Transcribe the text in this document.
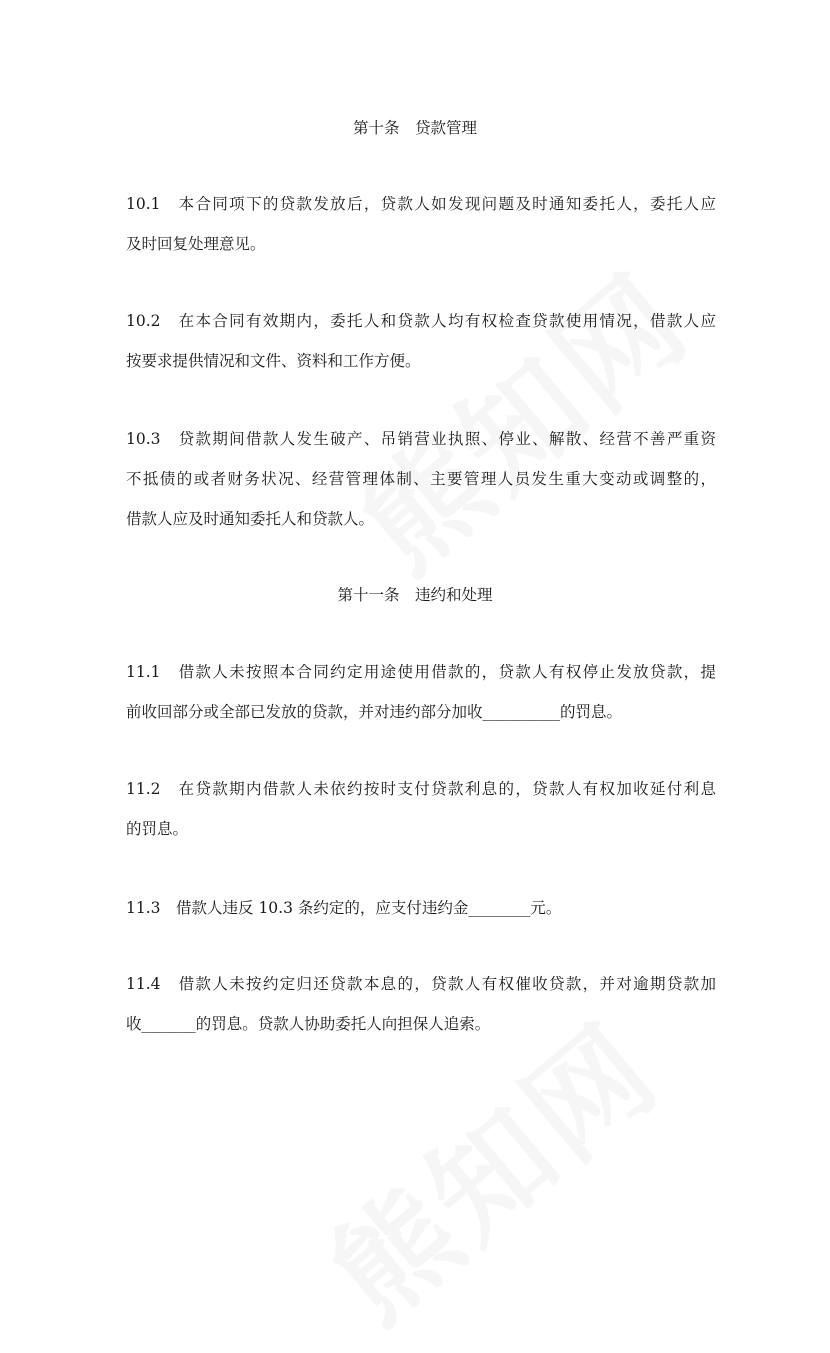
第十条　贷款管理
10.1　本合同项下的贷款发放后，贷款人如发现问题及时通知委托人，委托人应
及时回复处理意见。
10.2　在本合同有效期内，委托人和贷款人均有权检查贷款使用情况，借款人应
按要求提供情况和文件、资料和工作方便。
10.3　贷款期间借款人发生破产、吊销营业执照、停业、解散、经营不善严重资
不抵债的或者财务状况、经营管理体制、主要管理人员发生重大变动或调整的，
借款人应及时通知委托人和贷款人。
第十一条　违约和处理
11.1　借款人未按照本合同约定用途使用借款的，贷款人有权停止发放贷款，提
前收回部分或全部已发放的贷款，并对违约部分加收__________的罚息。
11.2　在贷款期内借款人未依约按时支付贷款利息的，贷款人有权加收延付利息
的罚息。
11.3　借款人违反 10.3 条约定的，应支付违约金________元。
11.4　借款人未按约定归还贷款本息的，贷款人有权催收贷款，并对逾期贷款加
收_______的罚息。贷款人协助委托人向担保人追索。
